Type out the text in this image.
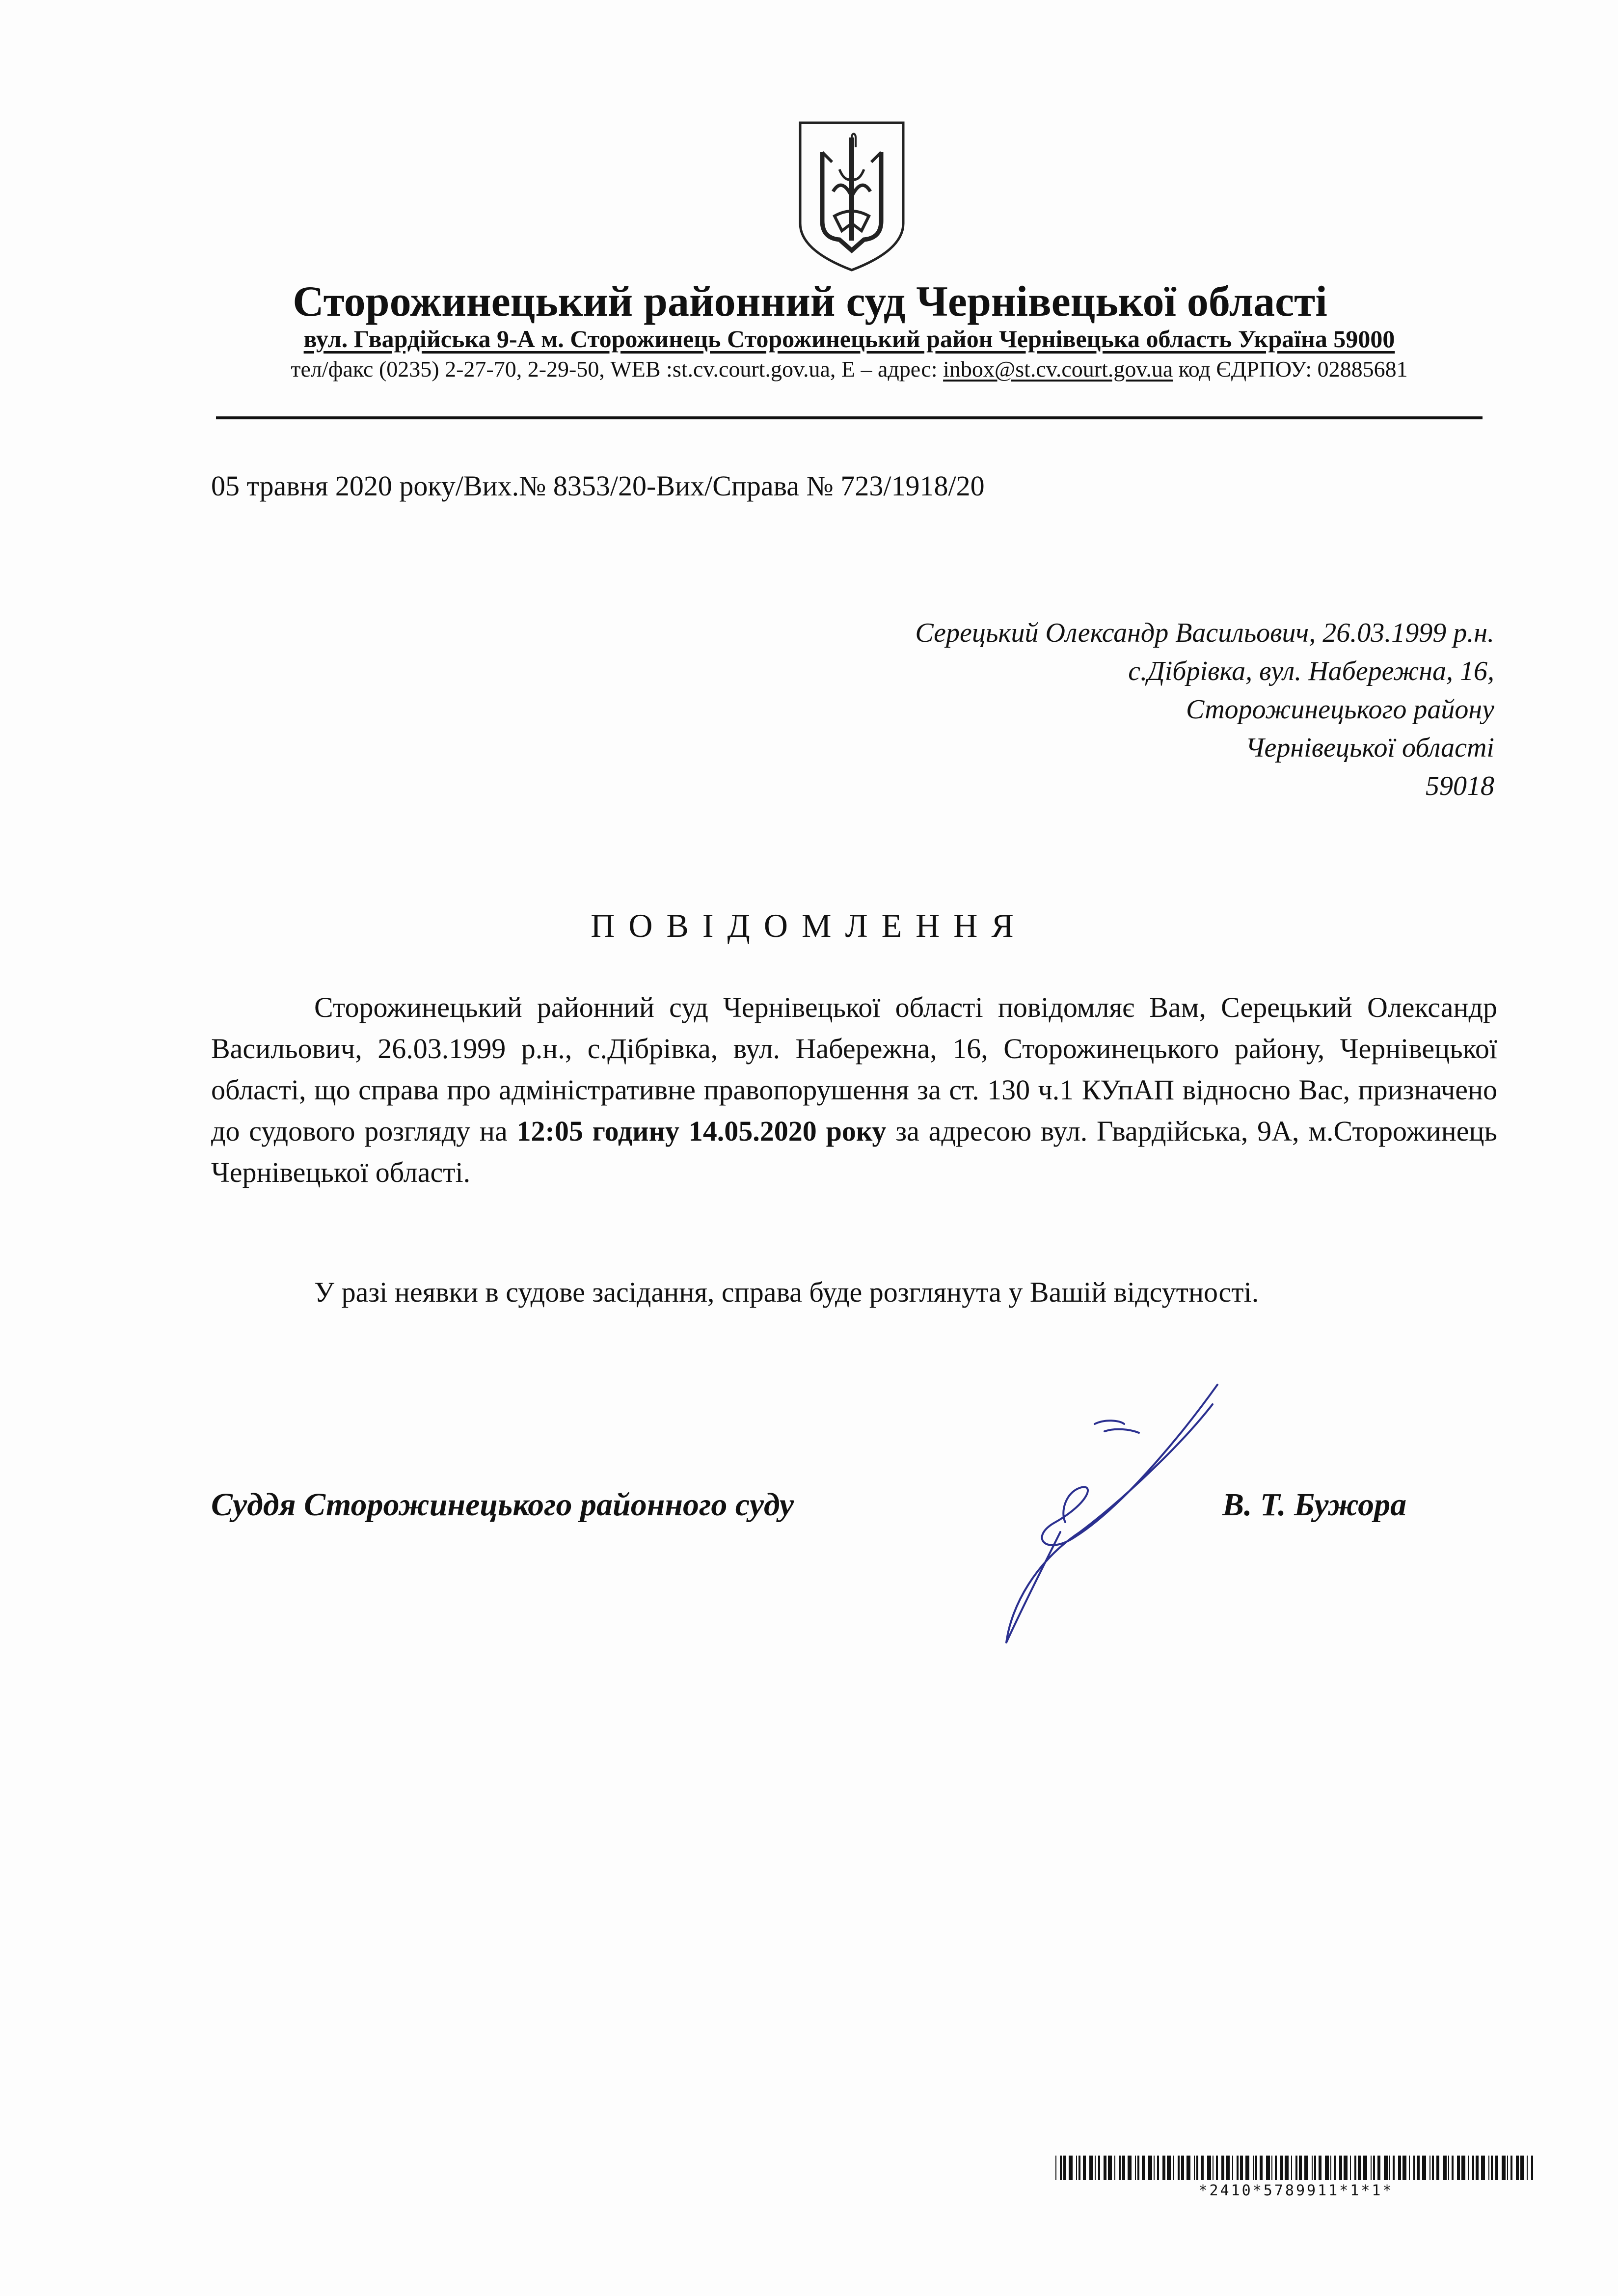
Сторожинецький районний суд Чернівецької області
вул. Гвардійська 9-А м. Сторожинець Сторожинецький район Чернівецька область Україна 59000
тел/факс (0235) 2-27-70, 2-29-50, WEB :st.cv.court.gov.ua, E – адрес: inbox@st.cv.court.gov.ua код ЄДРПОУ: 02885681
05 травня 2020 року/Вих.№ 8353/20-Вих/Справа № 723/1918/20
Серецький Олександр Васильович, 26.03.1999 р.н.
с.Дібрівка, вул. Набережна, 16,
Сторожинецького району
Чернівецької області
59018
ПОВІДОМЛЕННЯ
Сторожинецький районний суд Чернівецької області повідомляє Вам, Серецький Олександр Васильович, 26.03.1999 р.н., с.Дібрівка, вул. Набережна, 16, Сторожинецького району, Чернівецької області, що справа про адміністративне правопорушення за ст. 130 ч.1 КУпАП відносно Вас, призначено до судового розгляду на 12:05 годину 14.05.2020 року за адресою вул. Гвардійська, 9А, м.Сторожинець Чернівецької області.
У разі неявки в судове засідання, справа буде розглянута у Вашій відсутності.
Суддя Сторожинецького районного суду	В. Т. Бужора
*2410*5789911*1*1*
